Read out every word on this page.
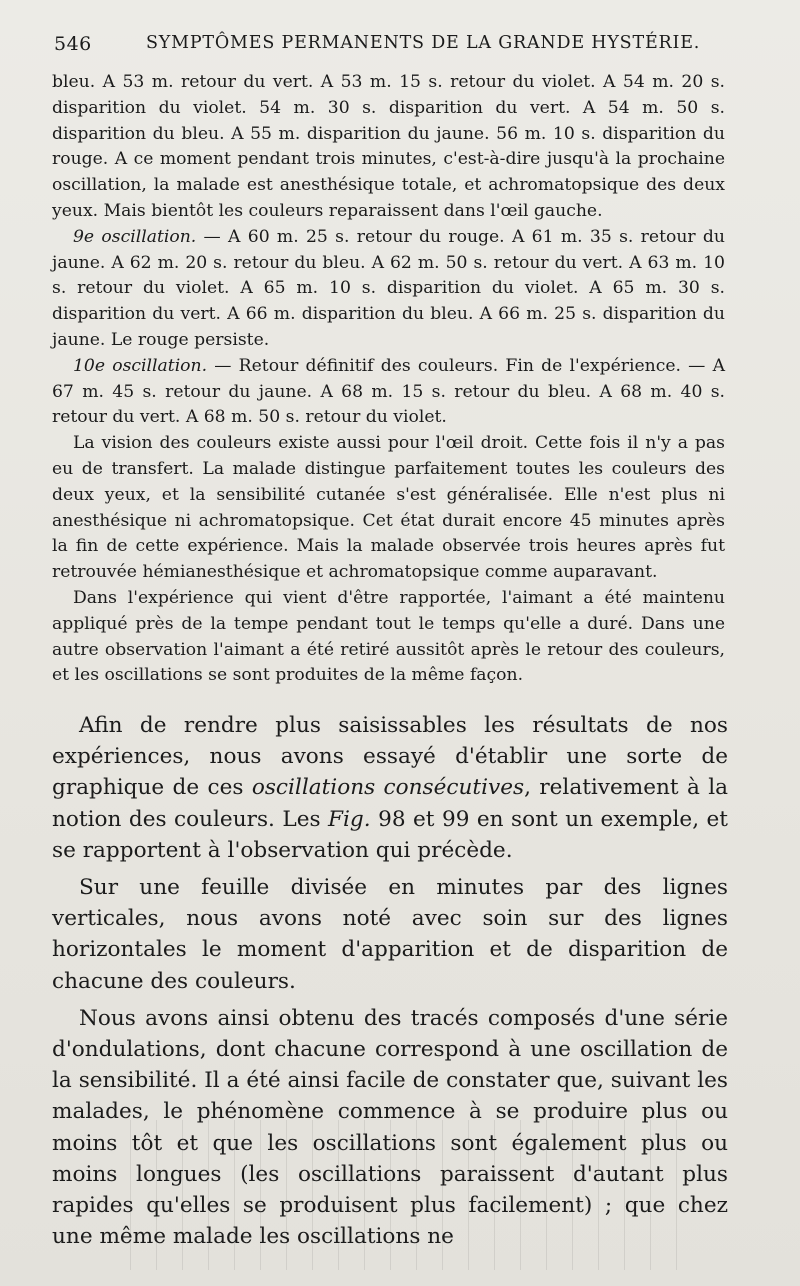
546	SYMPTÔMES PERMANENTS DE LA GRANDE HYSTÉRIE.

bleu. A 53 m. retour du vert. A 53 m. 15 s. retour du violet. A 54 m. 20 s. disparition du violet. 54 m. 30 s. disparition du vert. A 54 m. 50 s. disparition du bleu. A 55 m. disparition du jaune. 56 m. 10 s. disparition du rouge. A ce moment pendant trois minutes, c'est-à-dire jusqu'à la prochaine oscillation, la malade est anesthésique totale, et achromatopsique des deux yeux. Mais bientôt les couleurs reparaissent dans l'œil gauche.

9e oscillation. — A 60 m. 25 s. retour du rouge. A 61 m. 35 s. retour du jaune. A 62 m. 20 s. retour du bleu. A 62 m. 50 s. retour du vert. A 63 m. 10 s. retour du violet. A 65 m. 10 s. disparition du violet. A 65 m. 30 s. disparition du vert. A 66 m. disparition du bleu. A 66 m. 25 s. disparition du jaune. Le rouge persiste.

10e oscillation. — Retour définitif des couleurs. Fin de l'expérience. — A 67 m. 45 s. retour du jaune. A 68 m. 15 s. retour du bleu. A 68 m. 40 s. retour du vert. A 68 m. 50 s. retour du violet.

La vision des couleurs existe aussi pour l'œil droit. Cette fois il n'y a pas eu de transfert. La malade distingue parfaitement toutes les couleurs des deux yeux, et la sensibilité cutanée s'est généralisée. Elle n'est plus ni anesthésique ni achromatopsique. Cet état durait encore 45 minutes après la fin de cette expérience. Mais la malade observée trois heures après fut retrouvée hémianesthésique et achromatopsique comme auparavant.

Dans l'expérience qui vient d'être rapportée, l'aimant a été maintenu appliqué près de la tempe pendant tout le temps qu'elle a duré. Dans une autre observation l'aimant a été retiré aussitôt après le retour des couleurs, et les oscillations se sont produites de la même façon.

Afin de rendre plus saisissables les résultats de nos expériences, nous avons essayé d'établir une sorte de graphique de ces oscillations consécutives, relativement à la notion des couleurs. Les Fig. 98 et 99 en sont un exemple, et se rapportent à l'observation qui précède.

Sur une feuille divisée en minutes par des lignes verticales, nous avons noté avec soin sur des lignes horizontales le moment d'apparition et de disparition de chacune des couleurs.

Nous avons ainsi obtenu des tracés composés d'une série d'ondulations, dont chacune correspond à une oscillation de la sensibilité. Il a été ainsi facile de constater que, suivant les malades, le phénomène commence à se produire plus ou moins tôt et que les oscillations sont également plus ou moins longues (les oscillations paraissent d'autant plus rapides qu'elles se produisent plus facilement) ; que chez une même malade les oscillations ne
